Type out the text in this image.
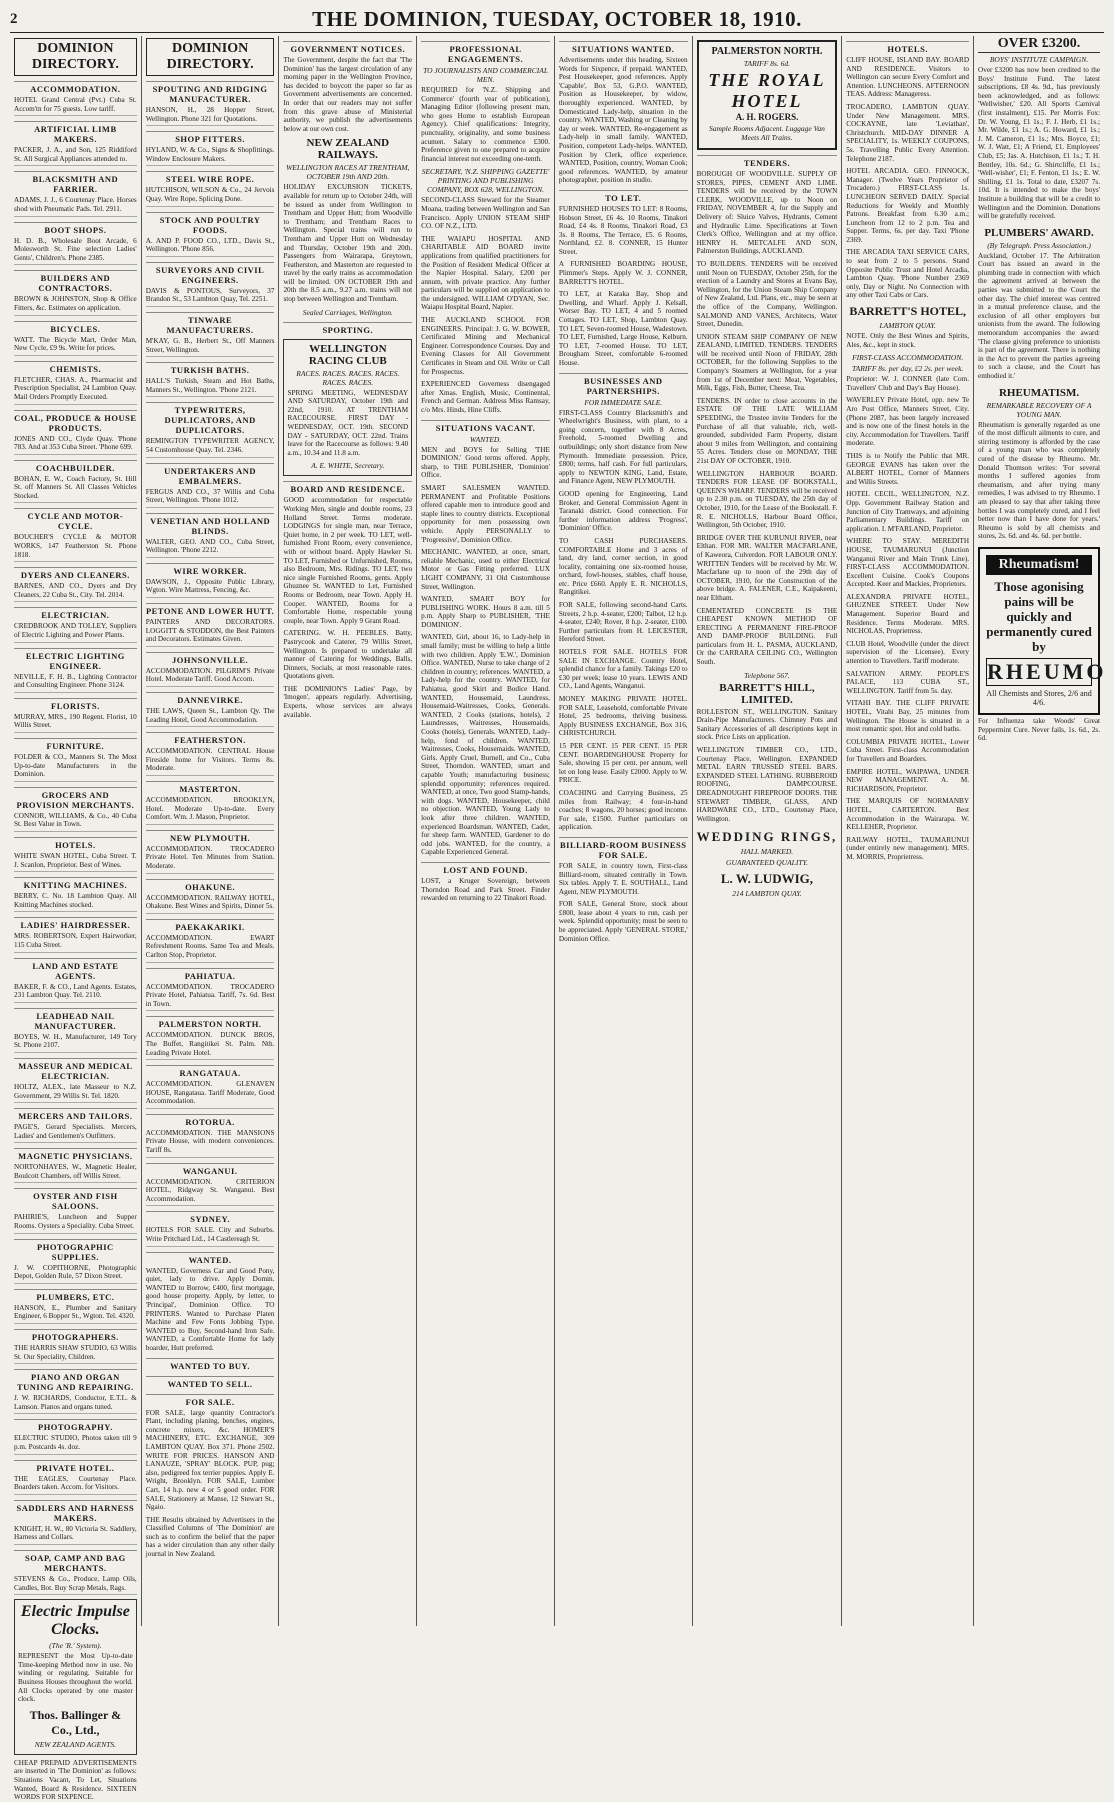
2	THE DOMINION, TUESDAY, OCTOBER 18, 1910.
DOMINION DIRECTORY.
ACCOMMODATION.
HOTEL Grand Central (Pvt.) Cuba St. Accom'tn for 75 guests. Low tariff.
ARTIFICIAL LIMB MAKERS.
PACKER, J. A., and Son, 125 Riddiford St. All Surgical Appliances attended to.
BLACKSMITH AND FARRIER.
ADAMS, J. J., 6 Courtenay Place. Horses shod with Pneumatic Pads. Tel. 2911.
BOOT SHOPS.
H. D. B., Wholesale Boot Arcade, 6 Molesworth St. Fine selection Ladies' Gents', Children's. Phone 2385.
BUILDERS AND CONTRACTORS.
BROWN & JOHNSTON, Shop & Office Fitters, &c. Estimates on application.
BICYCLES.
WATT. The Bicycle Mart, Order Man, New Cycle, £9 9s. Write for prices.
CHEMISTS.
FLETCHER, CHAS. A., Pharmacist and Prescription Specialist, 24 Lambton Quay. Mail Orders Promptly Executed.
COAL, PRODUCE & HOUSE PRODUCTS.
JONES AND CO., Clyde Quay. 'Phone 783. And at 353 Cuba Street. 'Phone 699.
COACHBUILDER.
BOHAN, E. W., Coach Factory, St. Hill St. off Manners St. All Classes Vehicles Stocked.
CYCLE AND MOTOR-CYCLE.
BOUCHER'S CYCLE & MOTOR WORKS, 147 Featherston St. Phone 1818.
DYERS AND CLEANERS.
BARNES, AND CO., Dyers and Dry Cleaners, 22 Cuba St., City. Tel. 2014.
ELECTRICIAN.
CREDBROOK AND TOLLEY, Suppliers of Electric Lighting and Power Plants.
ELECTRIC LIGHTING ENGINEER.
NEVILLE, F. H. B., Lighting Contractor and Consulting Engineer. Phone 3124.
FLORISTS.
MURRAY, MRS., 190 Regent. Florist, 10 Willis Street.
FURNITURE.
FOLDER & CO., Manners St. The Most Up-to-date Manufacturers in the Dominion.
GROCERS AND PROVISION MERCHANTS.
CONNOR, WILLIAMS, & Co., 40 Cuba St. Best Value in Town.
HOTELS.
WHITE SWAN HOTEL, Cuba Street. T. J. Scanlon, Proprietor. Best of Wines.
KNITTING MACHINES.
BERRY, C. No. 18 Lambton Quay. All Knitting Machines stocked.
LADIES' HAIRDRESSER.
MRS. ROBERTSON, Expert Hairworker, 115 Cuba Street.
LAND AND ESTATE AGENTS.
BAKER, F. & CO., Land Agents. Estates, 231 Lambton Quay. Tel. 2110.
LEADHEAD NAIL MANUFACTURER.
BOYES, W. H., Manufacturer, 149 Tory St. Phone 2107.
MASSEUR AND MEDICAL ELECTRICIAN.
HOLTZ, ALEX., late Masseur to N.Z. Government, 29 Willis St. Tel. 1820.
MERCERS AND TAILORS.
PAGE'S, Gerard Specialists. Mercers, Ladies' and Gentlemen's Outfitters.
MAGNETIC PHYSICIANS.
NORTONHAYES, W., Magnetic Healer, Boulcott Chambers, off Willis Street.
OYSTER AND FISH SALOONS.
PAHIRIE'S, Luncheon and Supper Rooms. Oysters a Speciality. Cuba Street.
PHOTOGRAPHIC SUPPLIES.
J. W. COPITHORNE, Photographic Depot, Golden Rule, 57 Dixon Street.
PLUMBERS, ETC.
HANSON, E., Plumber and Sanitary Engineer, 6 Bopper St., Wgton. Tel. 4320.
PHOTOGRAPHERS.
THE HARRIS SHAW STUDIO, 63 Willis St. Our Speciality, Children.
PIANO AND ORGAN TUNING AND REPAIRING.
J. W. RICHARDS, Conductor, E.T.L. & Lamson. Pianos and organs tuned.
PHOTOGRAPHY.
ELECTRIC STUDIO, Photos taken till 9 p.m. Postcards 4s. doz.
PRIVATE HOTEL.
THE EAGLES, Courtenay Place. Boarders taken. Accom. for Visitors.
SADDLERS AND HARNESS MAKERS.
KNIGHT, H. W., 80 Victoria St. Saddlery, Harness and Collars.
SOAP, CAMP AND BAG MERCHANTS.
STEVENS & Co., Produce, Lamp Oils, Candles, Bot. Buy Scrap Metals, Rags.
Electric Impulse Clocks.
(The 'R.' System).
REPRESENT the Most Up-to-date Time-keeping Method now in use. No winding or regulating. Suitable for Business Houses throughout the world. All Clocks operated by one master clock.
Thos. Ballinger & Co., Ltd.,
NEW ZEALAND AGENTS.
CHEAP PREPAID ADVERTISEMENTS are inserted in 'The Dominion' as follows: Situations Vacant, To Let, Situations Wanted, Board & Residence. SIXTEEN WORDS FOR SIXPENCE.
DOMINION DIRECTORY.
SPOUTING AND RIDGING MANUFACTURER.
HANSON, H., 28 Hopper Street, Wellington. Phone 321 for Quotations.
SHOP FITTERS.
HYLAND, W. & Co., Signs & Shopfittings. Window Enclosure Makers.
STEEL WIRE ROPE.
HUTCHISON, WILSON & Co., 24 Jervois Quay. Wire Rope, Splicing Done.
STOCK AND POULTRY FOODS.
A. AND P. FOOD CO., LTD., Davis St., Wellington. 'Phone 856.
SURVEYORS AND CIVIL ENGINEERS.
DAVIS & PONTOUS, Surveyors, 37 Brandon St., 53 Lambton Quay, Tel. 2251.
TINWARE MANUFACTURERS.
M'KAY, G. B., Herbert St., Off Manners Street, Wellington.
TURKISH BATHS.
HALL'S Turkish, Steam and Hot Baths, Manners St., Wellington. 'Phone 2121.
TYPEWRITERS, DUPLICATORS, AND DUPLICATORS.
REMINGTON TYPEWRITER AGENCY, 54 Customhouse Quay. Tel. 2346.
UNDERTAKERS AND EMBALMERS.
FERGUS AND CO., 37 Willis and Cuba Street, Wellington. 'Phone 1012.
VENETIAN AND HOLLAND BLINDS.
WALTER, GEO. AND CO., Cuba Street, Wellington. 'Phone 2212.
WIRE WORKER.
DAWSON, J., Opposite Public Library, Wgton. Wire Mattress, Fencing, &c.
PETONE AND LOWER HUTT.
PAINTERS AND DECORATORS. LOGGITT & STODDON, the Best Painters and Decorators. Estimates Given.
JOHNSONVILLE.
ACCOMMODATION. PILGRIM'S Private Hotel. Moderate Tariff. Good Accom.
DANNEVIRKE.
THE LAWS, Queen St., Lambton Qy. The Leading Hotel, Good Accommodation.
FEATHERSTON.
ACCOMMODATION. CENTRAL House Fireside home for Visitors. Terms 8s. Moderate.
MASTERTON.
ACCOMMODATION. BROOKLYN, Hotel. Moderate Up-to-date. Every Comfort. Wm. J. Mason, Proprietor.
NEW PLYMOUTH.
ACCOMMODATION. TROCADERO Private Hotel. Ten Minutes from Station. Moderate.
OHAKUNE.
ACCOMMODATION. RAILWAY HOTEL, Ohakune. Best Wines and Spirits, Dinner 5s.
PAEKAKARIKI.
ACCOMMODATION. EWART Refreshment Rooms. Same Tea and Meals. Carlton Stop, Proprietor.
PAHIATUA.
ACCOMMODATION. TROCADERO Private Hotel, Pahiatua. Tariff, 7s. 6d. Best in Town.
PALMERSTON NORTH.
ACCOMMODATION. DUNCK BROS, The Buffet, Rangitikei St. Palm. Nth. Leading Private Hotel.
RANGATAUA.
ACCOMMODATION. GLENAVEN HOUSE, Rangataua. Tariff Moderate, Good Accommodation.
ROTORUA.
ACCOMMODATION. THE MANSIONS Private House, with modern conveniences. Tariff 8s.
WANGANUI.
ACCOMMODATION. CRITERION HOTEL, Ridgway St. Wanganui. Best Accommodation.
SYDNEY.
HOTELS FOR SALE. City and Suburbs. Write Pritchard Ltd., 14 Castlereagh St.
WANTED.
WANTED, Governess Car and Good Pony, quiet, lady to drive. Apply Domin. WANTED to Borrow, £400, first mortgage, good house property. Apply, by letter, to 'Principal', Dominion Office. TO PRINTERS. Wanted to Purchase Platen Machine and Few Fonts Jobbing Type. WANTED to Buy, Second-hand Iron Safe. WANTED, a Comfortable Home for lady boarder, Hutt preferred.
WANTED TO BUY.
WANTED TO SELL.
FOR SALE.
FOR SALE, large quantity Contractor's Plant, including planing, benches, engines, concrete mixers, &c. HOMER'S MACHINERY, ETC. EXCHANGE, 309 LAMBTON QUAY. Box 371. Phone 2502. WRITE FOR PRICES. HANSON AND LANAUZE, 'SPRAY' BLOCK. PUP, pug; also, pedigreed fox terrier puppies. Apply E. Wright, Brooklyn. FOR SALE, Lumber Cart, 14 h.p. new 4 or 5 good order. FOR SALE, Stationery at Manse, 12 Stewart St., Ngaio.
THE Results obtained by Advertisers in the Classified Columns of 'The Dominion' are such as to confirm the belief that the paper has a wider circulation than any other daily journal in New Zealand.
GOVERNMENT NOTICES.
The Government, despite the fact that 'The Dominion' has the largest circulation of any morning paper in the Wellington Province, has decided to boycott the paper so far as Government advertisements are concerned. In order that our readers may not suffer from this grave abuse of Ministerial authority, we publish the advertisements below at our own cost.
NEW ZEALAND RAILWAYS.
WELLINGTON RACES AT TRENTHAM, OCTOBER 19th AND 20th.
HOLIDAY EXCURSION TICKETS, available for return up to October 24th, will be issued as under from Wellington to Trentham and Upper Hutt; from Woodville to Trentham; and Trentham Races to Wellington. Special trains will run to Trentham and Upper Hutt on Wednesday and Thursday, October 19th and 20th. Passengers from Wairarapa, Greytown, Featherston, and Masterton are requested to travel by the early trains as accommodation will be limited. ON OCTOBER 19th and 20th the 8.5 a.m., 9.27 a.m. trains will not stop between Wellington and Trentham.
Sealed Carriages, Wellington.
SPORTING.
WELLINGTON RACING CLUB
RACES. RACES. RACES. RACES. RACES. RACES.
SPRING MEETING, WEDNESDAY AND SATURDAY, October 19th and 22nd, 1910. AT TRENTHAM RACECOURSE. FIRST DAY - WEDNESDAY, OCT. 19th. SECOND DAY - SATURDAY, OCT. 22nd. Trains leave for the Racecourse as follows: 9.40 a.m., 10.34 and 11.8 a.m.
A. E. WHITE, Secretary.
BOARD AND RESIDENCE.
GOOD accommodation for respectable Working Men, single and double rooms, 23 Holland Street. Terms moderate. LODGINGS for single man, near Terrace, Quiet home, in 2 per week. TO LET, well-furnished Front Room, every convenience, with or without board. Apply Hawker St. TO LET, Furnished or Unfurnished, Rooms, also Bedroom, Mrs. Ridings. TO LET, two nice single Furnished Rooms, gents. Apply Ghuznee St. WANTED to Let, Furnished Rooms or Bedroom, near Town. Apply H. Cooper. WANTED, Rooms for a Comfortable Home, respectable young couple, near Town. Apply 9 Grant Road.
CATERING. W. H. PEEBLES. Batty, Pastrycook and Caterer, 79 Willis Street, Wellington. Is prepared to undertake all manner of Catering for Weddings, Balls, Dinners, Socials, at most reasonable rates. Quotations given.
THE DOMINION'S Ladies' Page, by 'Imogen', appears regularly. Advertising, Experts, whose services are always available.
PROFESSIONAL ENGAGEMENTS.
TO JOURNALISTS AND COMMERCIAL MEN.
REQUIRED for 'N.Z. Shipping and Commerce' (fourth year of publication), Managing Editor (following present man, who goes Home to establish European Agency). Chief qualifications: Integrity, punctuality, originality, and some business acumen. Salary to commence £300. Preference given to one prepared to acquire financial interest not exceeding one-tenth.
SECRETARY, 'N.Z. SHIPPING GAZETTE' PRINTING AND PUBLISHING COMPANY, BOX 628, WELLINGTON.
SECOND-CLASS Steward for the Steamer Moana, trading between Wellington and San Francisco. Apply UNION STEAM SHIP CO. OF N.Z., LTD.
THE WAIAPU HOSPITAL AND CHARITABLE AID BOARD invite applications from qualified practitioners for the Position of Resident Medical Officer at the Napier Hospital. Salary, £200 per annum, with private practice. Any further particulars will be supplied on application to the undersigned. WILLIAM O'DYAN, Sec. Waiapu Hospital Board, Napier.
THE AUCKLAND SCHOOL FOR ENGINEERS. Principal: J. G. W. BOWER, Certificated Mining and Mechanical Engineer. Correspondence Courses. Day and Evening Classes for All Government Certificates in Steam and Oil. Write or Call for Prospectus.
EXPERIENCED Governess disengaged after Xmas. English, Music, Continental, French and German. Address Miss Ramsay, c/o Mrs. Hinds, Hine Cliffs.
SITUATIONS VACANT.
WANTED.
MEN and BOYS for Selling 'THE DOMINION.' Good terms offered. Apply, sharp, to THE PUBLISHER, 'Dominion' Office.
SMART SALESMEN WANTED. PERMANENT and Profitable Positions offered capable men to introduce good and staple lines to country districts. Exceptional opportunity for men possessing own vehicle. Apply PERSONALLY to 'Progressive', Dominion Office.
MECHANIC. WANTED, at once, smart, reliable Mechanic, used to either Electrical Motor or Gas Fitting preferred. LUX LIGHT COMPANY, 31 Old Customhouse Street, Wellington.
WANTED, SMART BOY for PUBLISHING WORK. Hours 8 a.m. till 5 p.m. Apply Sharp to PUBLISHER, 'THE DOMINION'.
WANTED, Girl, about 16, to Lady-help in small family; must be willing to help a little with two children. Apply 'E.W.', Dominion Office. WANTED, Nurse to take charge of 2 children in country; references. WANTED, a Lady-help for the country. WANTED, for Pahiatua, good Skirt and Bodice Hand. WANTED, Housemaid, Laundress, Housemaid-Waitresses, Cooks, Generals. WANTED, 2 Cooks (stations, hotels), 2 Laundresses, Waitresses, Housemaids, Cooks (hotels), Generals. WANTED, Lady-help, fond of children. WANTED, Waitresses, Cooks, Housemaids. WANTED, Girls. Apply Cruel, Burnell, and Co., Cuba Street, Thorndon. WANTED, smart and capable Youth; manufacturing business; splendid opportunity; references required. WANTED, at once, Two good Stamp-hands, with dogs. WANTED, Housekeeper, child no objection. WANTED, Young Lady to look after three children. WANTED, experienced Boardsman. WANTED, Cadet, for sheep farm. WANTED, Gardener to do odd jobs. WANTED, for the country, a Capable Experienced General.
LOST AND FOUND.
LOST, a Kruger Sovereign, between Thorndon Road and Park Street. Finder rewarded on returning to 22 Tinakori Road.
SITUATIONS WANTED.
Advertisements under this heading, Sixteen Words for Sixpence, if prepaid. WANTED, Pest Housekeeper, good references. Apply 'Capable', Box 53, G.P.O. WANTED, Position as Housekeeper, by widow, thoroughly experienced. WANTED, by Domesticated Lady-help, situation in the country. WANTED, Washing or Cleaning by day or week. WANTED, Re-engagement as Lady-help in small family. WANTED, Position, competent Lady-helps. WANTED, Position by Clerk, office experience. WANTED, Position, country, Woman Cook; good references. WANTED, by amateur photographer, position in studio.
TO LET.
FURNISHED HOUSES TO LET: 8 Rooms, Hobson Street, £6 4s. 10 Rooms, Tinakori Road, £4 4s. 8 Rooms, Tinakori Road, £3 3s. 8 Rooms, The Terrace, £5. 6 Rooms, Northland, £2. 8. CONNER, 15 Hunter Street.
A FURNISHED BOARDING HOUSE, Plimmer's Steps. Apply W. J. CONNER, BARRETT'S HOTEL.
TO LET, at Karaka Bay, Shop and Dwelling, and Wharf. Apply J. Kelsall, Worser Bay. TO LET, 4 and 5 roomed Cottages. TO LET, Shop, Lambton Quay. TO LET, Seven-roomed House, Wadestown. TO LET, Furnished, Large House, Kelburn. TO LET, 7-roomed House. TO LET, Brougham Street, comfortable 6-roomed House.
BUSINESSES AND PARTNERSHIPS.
FOR IMMEDIATE SALE.
FIRST-CLASS Country Blacksmith's and Wheelwright's Business, with plant, to a going concern, together with 8 Acres, Freehold, 5-roomed Dwelling and outbuildings; only short distance from New Plymouth. Immediate possession. Price, £800; terms, half cash. For full particulars, apply to NEWTON KING, Land, Estate, and Finance Agent, NEW PLYMOUTH.
GOOD opening for Engineering, Land Broker, and General Commission Agent in Taranaki district. Good connection. For further information address 'Progress', 'Dominion' Office.
TO CASH PURCHASERS. COMFORTABLE Home and 3 acres of land, dry land, corner section, in good locality, containing one six-roomed house, orchard, fowl-houses, stables, chaff house, etc. Price £660. Apply E. R. NICHOLLS, Rangitikei.
FOR SALE, following second-hand Carts. Streets, 2 h.p. 4-seater, £200; Talbot, 12 h.p. 4-seater, £240; Rover, 8 h.p. 2-seater, £100. Further particulars from H. LEICESTER, Hereford Street.
HOTELS FOR SALE. HOTELS FOR SALE IN EXCHANGE. Country Hotel, splendid chance for a family. Takings £20 to £30 per week; lease 10 years. LEWIS AND CO., Land Agents, Wanganui.
MONEY MAKING PRIVATE HOTEL. FOR SALE, Leasehold, comfortable Private Hotel, 25 bedrooms, thriving business. Apply BUSINESS EXCHANGE, Box 316, CHRISTCHURCH.
15 PER CENT. 15 PER CENT. 15 PER CENT. BOARDINGHOUSE Property for Sale, showing 15 per cent. per annum, well let on long lease. Easily £2000. Apply to W. PRICE.
COACHING and Carrying Business, 25 miles from Railway; 4 four-in-hand coaches; 8 wagons, 20 horses; good income. For sale, £1500. Further particulars on application.
BILLIARD-ROOM BUSINESS FOR SALE.
FOR SALE, in country town, First-class Billiard-room, situated centrally in Town. Six tables. Apply T. E. SOUTHALL, Land Agent, NEW PLYMOUTH.
FOR SALE, General Store, stock about £800, lease about 4 years to run, cash per week. Splendid opportunity; must be seen to be appreciated. Apply 'GENERAL STORE,' Dominion Office.
PALMERSTON NORTH.
TARIFF 8s. 6d.
THE ROYAL HOTEL
A. H. ROGERS.
Sample Rooms Adjacent. Luggage Van Meets All Trains.
TENDERS.
BOROUGH OF WOODVILLE. SUPPLY OF STORES, PIPES, CEMENT AND LIME. TENDERS will be received by the TOWN CLERK, WOODVILLE, up to Noon on FRIDAY, NOVEMBER 4, for the Supply and Delivery of: Sluice Valves, Hydrants, Cement and Hydraulic Lime. Specifications at Town Clerk's Office, Wellington and at my office. HENRY H. METCALFE AND SON, Palmerston Buildings, AUCKLAND.
TO BUILDERS. TENDERS will be received until Noon on TUESDAY, October 25th, for the erection of a Laundry and Stores at Evans Bay, Wellington, for the Union Steam Ship Company of New Zealand, Ltd. Plans, etc., may be seen at the office of the Company, Wellington. SALMOND AND VANES, Architects, Water Street, Dunedin.
UNION STEAM SHIP COMPANY OF NEW ZEALAND, LIMITED. TENDERS. TENDERS will be received until Noon of FRIDAY, 28th OCTOBER, for the following Supplies to the Company's Steamers at Wellington, for a year from 1st of December next: Meat, Vegetables, Milk, Eggs, Fish, Butter, Cheese, Tea.
TENDERS. IN order to close accounts in the ESTATE OF THE LATE WILLIAM SPEEDING, the Trustee invite Tenders for the Purchase of all that valuable, rich, well-grounded, subdivided Farm Property, distant about 9 miles from Wellington, and containing 55 Acres. Tenders close on MONDAY, THE 21st DAY OF OCTOBER, 1910.
WELLINGTON HARBOUR BOARD. TENDERS FOR LEASE OF BOOKSTALL, QUEEN'S WHARF. TENDERS will be received up to 2.30 p.m. on TUESDAY, the 25th day of October, 1910, for the Lease of the Bookstall. F. R. E. NICHOLLS, Harbour Board Office, Wellington, 5th October, 1910.
BRIDGE OVER THE KURUNUI RIVER, near Elthan. FOR MR. WALTER MACFARLANE, of Kaweora, Culverdon. FOR LABOUR ONLY. WRITTEN Tenders will be received by Mr. W. Macfarlane up to noon of the 29th day of OCTOBER, 1910, for the Construction of the above bridge. A. FALENER, C.E., Kaipakeeni, near Eltham.
CEMENTATED CONCRETE IS THE CHEAPEST KNOWN METHOD OF ERECTING A PERMANENT FIRE-PROOF AND DAMP-PROOF BUILDING. Full particulars from H. L. PASMA, AUCKLAND, Or the CARRARA CEILING CO., Wellington South.
Telephone 567.
BARRETT'S HILL, LIMITED.
ROLLESTON ST., WELLINGTON. Sanitary Drain-Pipe Manufacturers. Chimney Pots and Sanitary Accessories of all descriptions kept in stock. Price Lists on application.
WELLINGTON TIMBER CO., LTD., Courtenay Place, Wellington. EXPANDED METAL EARN TRUSSED STEEL BARS. EXPANDED STEEL LATHING. RUBBEROID ROOFING, DAMPCOURSE. DREADNOUGHT FIREPROOF DOORS. THE STEWART TIMBER, GLASS, AND HARDWARE CO., LTD., Courtenay Place, Wellington.
WEDDING RINGS,
HALL MARKED.
GUARANTEED QUALITY.
L. W. LUDWIG,
214 LAMBTON QUAY.
HOTELS.
CLIFF HOUSE, ISLAND BAY. BOARD AND RESIDENCE. Visitors to Wellington can secure Every Comfort and Attention. LUNCHEONS. AFTERNOON TEAS. Address: Manageress.
TROCADERO, LAMBTON QUAY. Under New Management. MRS. COCKAYNE, late 'Leviathan', Christchurch. MID-DAY DINNER A SPECIALITY, 1s. WEEKLY COUPONS, 5s. Travelling Public Every Attention. Telephone 2187.
HOTEL ARCADIA. GEO. FINNOCK, Manager. (Twelve Years Proprietor of Trocadero.) FIRST-CLASS 1s. LUNCHEON SERVED DAILY. Special Reductions for Weekly and Monthly Patrons. Breakfast from 6.30 a.m.; Luncheon from 12 to 2 p.m. Tea and Supper. Terms, 6s. per day. Taxi 'Phone 2369.
THE ARCADIA TAXI SERVICE CARS, to seat from 2 to 5 persons. Stand Opposite Public Trust and Hotel Arcadia, Lambton Quay. 'Phone Number 2369 only, Day or Night. No Connection with any other Taxi Cabs or Cars.
BARRETT'S HOTEL,
LAMBTON QUAY.
NOTE. Only the Best Wines and Spirits, Ales, &c., kept in stock.
FIRST-CLASS ACCOMMODATION.
TARIFF 8s. per day, £2 2s. per week.
Proprietor: W. J. CONNER (late Com. Travellers' Club and Day's Bay House).
WAVERLEY Private Hotel, opp. new Te Aro Post Office, Manners Street, City. (Phone 2087, has been largely increased and is now one of the finest hotels in the city. Accommodation for Travellers. Tariff moderate.
THIS is to Notify the Public that MR. GEORGE EVANS has taken over the ALBERT HOTEL, Corner of Manners and Willis Streets.
HOTEL CECIL, WELLINGTON, N.Z. Opp. Government Railway Station and Junction of City Tramways, and adjoining Parliamentary Buildings. Tariff on application. I. M'FARLAND, Proprietor.
WHERE TO STAY. MEREDITH HOUSE, TAUMARUNUI (Junction Wanganui River and Main Trunk Line). FIRST-CLASS ACCOMMODATION. Excellent Cuisine. Cook's Coupons Accepted. Keer and Mackies, Proprietors.
ALEXANDRA PRIVATE HOTEL, GHUZNEE STREET. Under New Management. Superior Board and Residence. Terms Moderate. MRS. NICHOLAS, Proprietress.
CLUB Hotel, Woodville (under the direct supervision of the Licensee). Every attention to Travellers. Tariff moderate.
SALVATION ARMY. PEOPLE'S PALACE, 113 CUBA ST., WELLINGTON. Tariff from 5s. day.
VITAHI BAY. THE CLIFF PRIVATE HOTEL, Vitahi Bay, 25 minutes from Wellington. The House is situated in a most romantic spot. Hot and cold baths.
COLUMBIA PRIVATE HOTEL, Lower Cuba Street. First-class Accommodation for Travellers and Boarders.
EMPIRE HOTEL, WAIPAWA, UNDER NEW MANAGEMENT. A. M. RICHARDSON, Proprietor.
THE MARQUIS OF NORMANBY HOTEL, CARTERTON. Best Accommodation in the Wairarapa. W. KELLEHER, Proprietor.
RAILWAY HOTEL, TAUMARUNUI (under entirely new management). MRS. M. MORRIS, Proprietress.
OVER £3200.
BOYS' INSTITUTE CAMPAIGN.
Over £3200 has now been credited to the Boys' Institute Fund. The latest subscriptions, £8 4s. 9d., has previously been acknowledged, and as follows: 'Wellwisher,' £20. All Sports Carnival (first instalment), £15. Per Morris Fox: Dr. W. Young, £1 1s.; F. J. Herb, £1 1s.; Mr. Wilde, £1 1s.; A. G. Howard, £1 1s.; J. M. Cameron, £1 1s.; Mrs. Boyce, £1; W. J. Watt, £1; A Friend, £1. Employees' Club, £5; Jas. A. Hutchison, £1 1s.; T. H. Bentley, 10s. 6d.; G. Shirtcliffe, £1 1s.; 'Well-wisher', £1; F. Fenton, £1 1s.; E. W. Shilling, £1 1s. Total to date, £3207 7s. 10d. It is intended to make the boys' Institute a building that will be a credit to Wellington and the Dominion. Donations will be gratefully received.
PLUMBERS' AWARD.
(By Telegraph. Press Association.)
Auckland, October 17. The Arbitration Court has issued an award in the plumbing trade in connection with which the agreement arrived at between the parties was submitted to the Court the other day. The chief interest was centred in a mutual preference clause, and the exclusion of all other employers but unionists from the award. The following memorandum accompanies the award: 'The clause giving preference to unionists is part of the agreement. There is nothing in the Act to prevent the parties agreeing to such a clause, and the Court has embodied it.'
RHEUMATISM.
REMARKABLE RECOVERY OF A YOUNG MAN.
Rheumatism is generally regarded as one of the most difficult ailments to cure, and stirring testimony is afforded by the case of a young man who was completely cured of the disease by Rheumo. Mr. Donald Thomson writes: 'For several months I suffered agonies from rheumatism, and after trying many remedies, I was advised to try Rheumo. I am pleased to say that after taking three bottles I was completely cured, and I feel better now than I have done for years.' Rheumo is sold by all chemists and stores, 2s. 6d. and 4s. 6d. per bottle.
Rheumatism!
Those agonising pains will be quickly and permanently cured by
RHEUMO
All Chemists and Stores, 2/6 and 4/6.
For Influenza take Woods' Great Peppermint Cure. Never fails, 1s. 6d., 2s. 6d.
